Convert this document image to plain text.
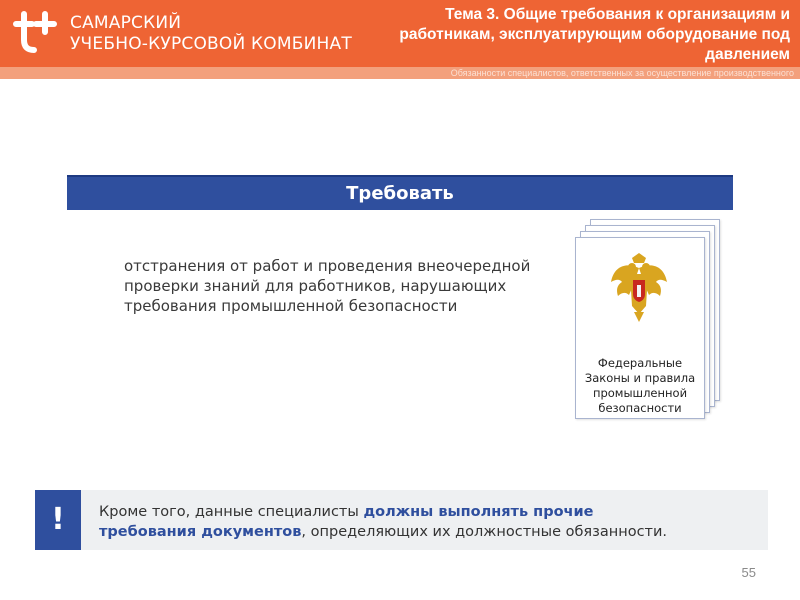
САМАРСКИЙ
УЧЕБНО-КУРСОВОЙ КОМБИНАТ
Тема 3. Общие требования к организациям и
работникам, эксплуатирующим оборудование под
давлением
Обязанности специалистов, ответственных за осуществление производственного
Требовать
отстранения от работ и проведения внеочередной
проверки знаний для работников, нарушающих
требования промышленной безопасности
Федеральные
Законы и правила
промышленной
безопасности
!	Кроме того, данные специалисты должны выполнять прочие
требования документов, определяющих их должностные обязанности.
55
